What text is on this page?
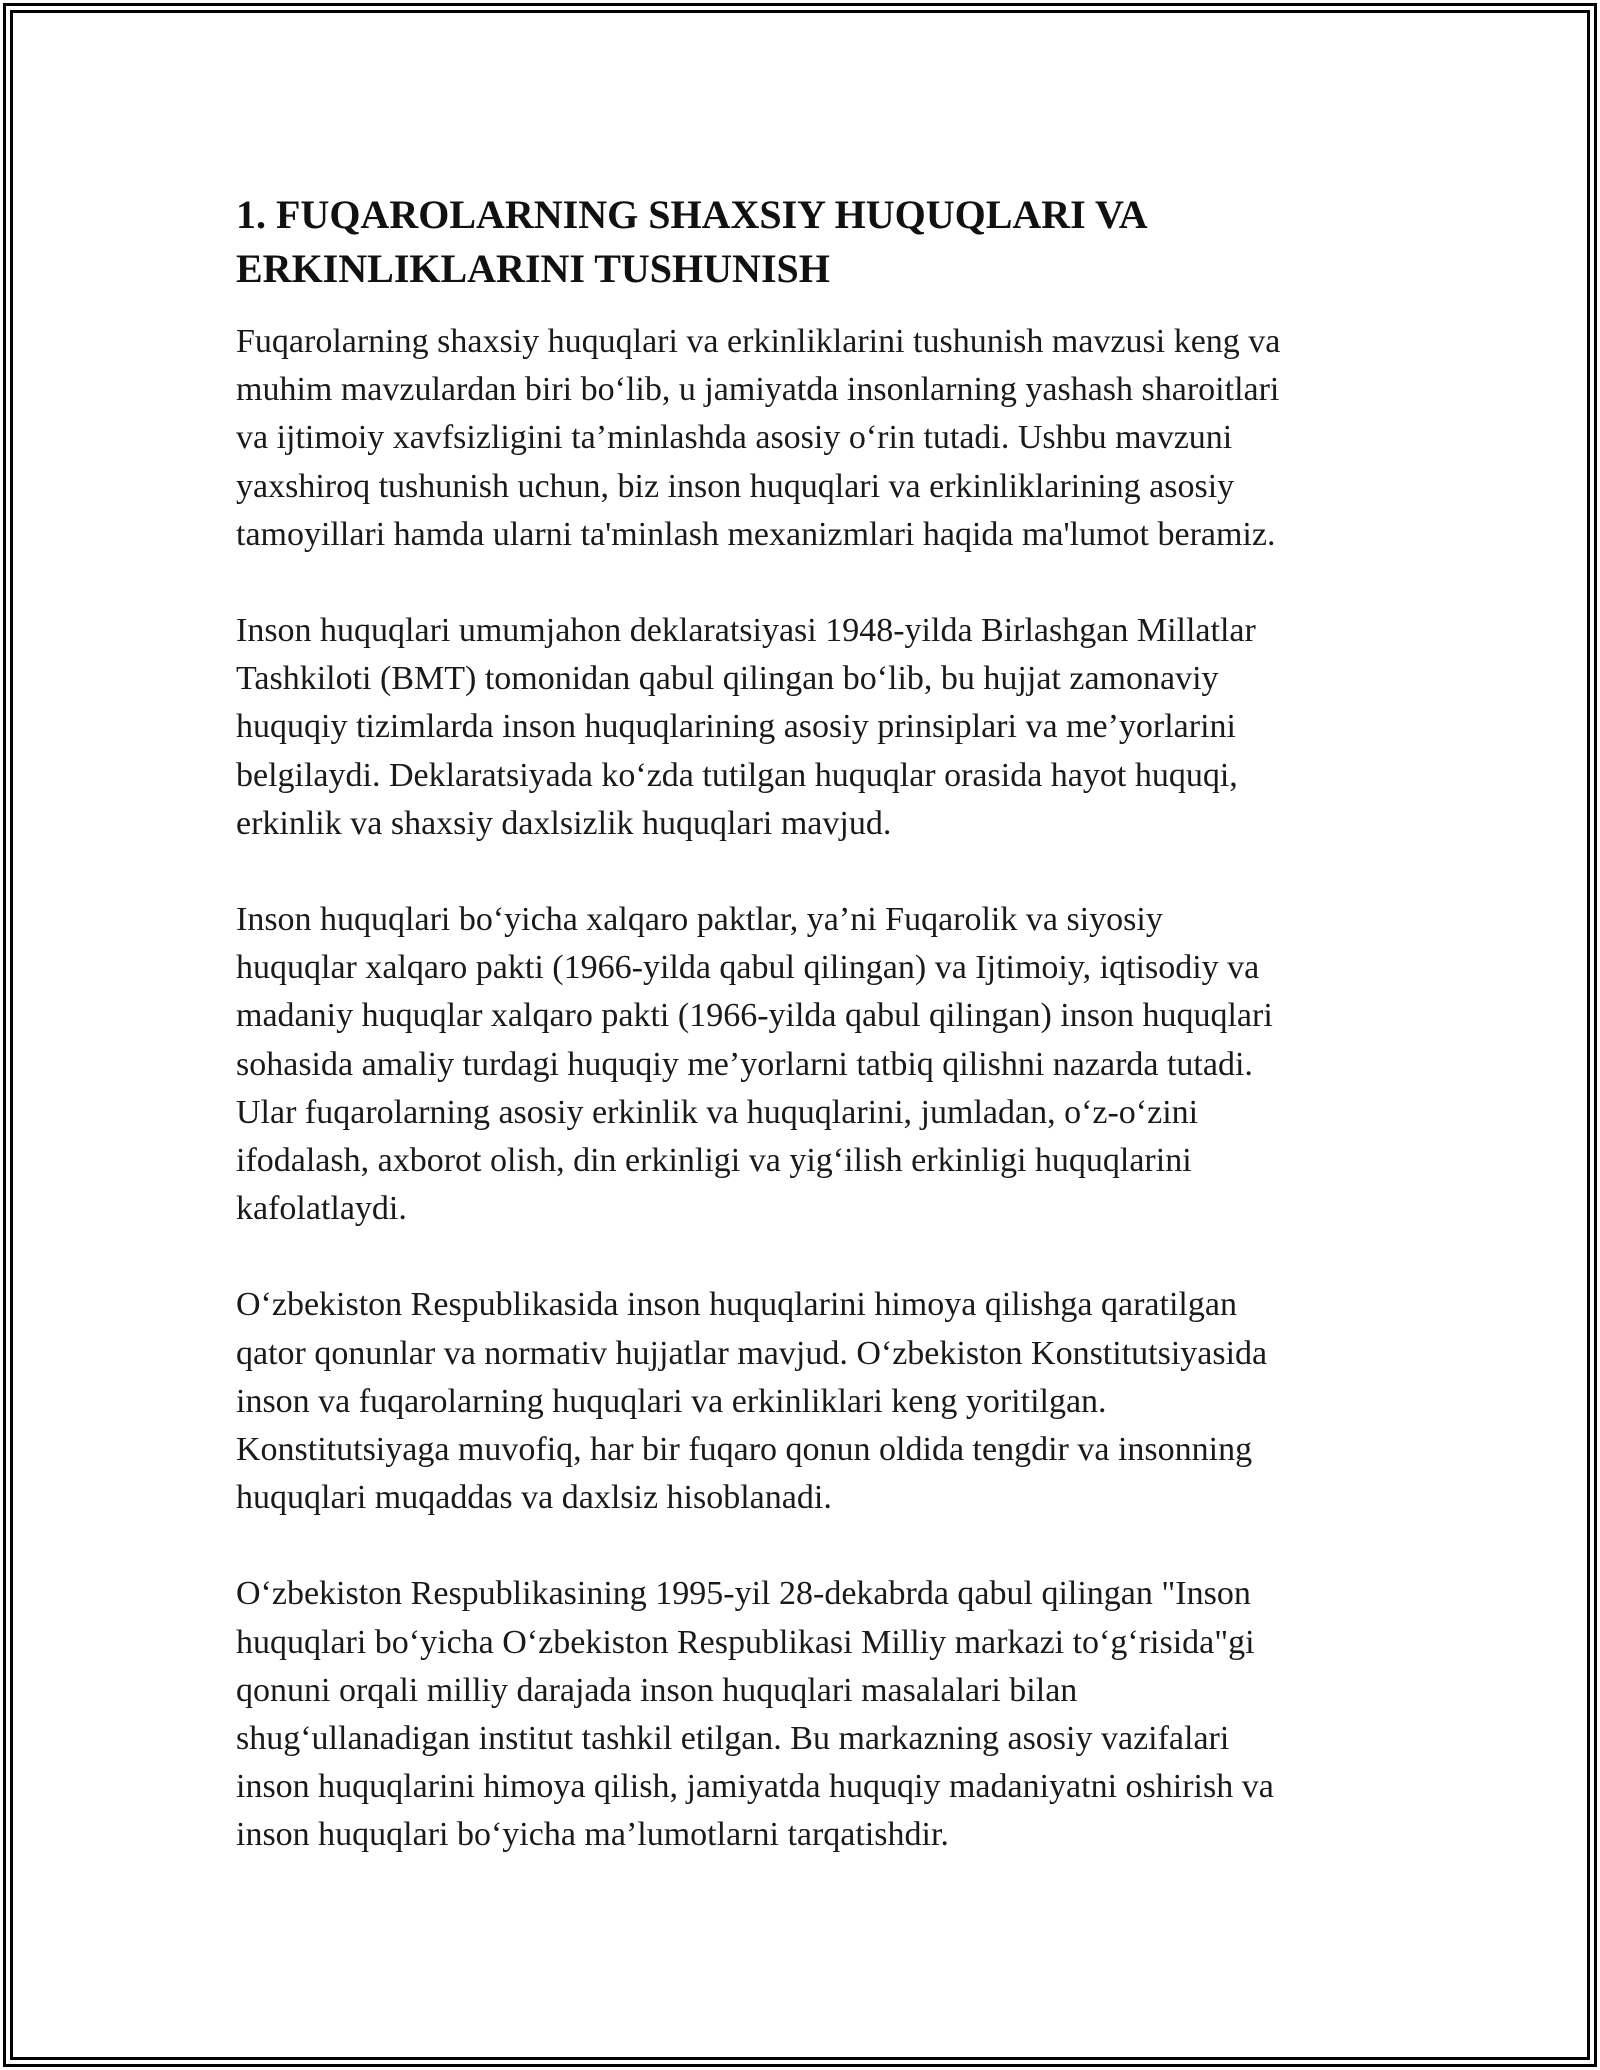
1. FUQAROLARNING SHAXSIY HUQUQLARI VA
ERKINLIKLARINI TUSHUNISH

Fuqarolarning shaxsiy huquqlari va erkinliklarini tushunish mavzusi keng va
muhim mavzulardan biri bo‘lib, u jamiyatda insonlarning yashash sharoitlari
va ijtimoiy xavfsizligini ta’minlashda asosiy o‘rin tutadi. Ushbu mavzuni
yaxshiroq tushunish uchun, biz inson huquqlari va erkinliklarining asosiy
tamoyillari hamda ularni ta'minlash mexanizmlari haqida ma'lumot beramiz.

Inson huquqlari umumjahon deklaratsiyasi 1948-yilda Birlashgan Millatlar
Tashkiloti (BMT) tomonidan qabul qilingan bo‘lib, bu hujjat zamonaviy
huquqiy tizimlarda inson huquqlarining asosiy prinsiplari va me’yorlarini
belgilaydi. Deklaratsiyada ko‘zda tutilgan huquqlar orasida hayot huquqi,
erkinlik va shaxsiy daxlsizlik huquqlari mavjud.

Inson huquqlari bo‘yicha xalqaro paktlar, ya’ni Fuqarolik va siyosiy
huquqlar xalqaro pakti (1966-yilda qabul qilingan) va Ijtimoiy, iqtisodiy va
madaniy huquqlar xalqaro pakti (1966-yilda qabul qilingan) inson huquqlari
sohasida amaliy turdagi huquqiy me’yorlarni tatbiq qilishni nazarda tutadi.
Ular fuqarolarning asosiy erkinlik va huquqlarini, jumladan, o‘z-o‘zini
ifodalash, axborot olish, din erkinligi va yig‘ilish erkinligi huquqlarini
kafolatlaydi.

O‘zbekiston Respublikasida inson huquqlarini himoya qilishga qaratilgan
qator qonunlar va normativ hujjatlar mavjud. O‘zbekiston Konstitutsiyasida
inson va fuqarolarning huquqlari va erkinliklari keng yoritilgan.
Konstitutsiyaga muvofiq, har bir fuqaro qonun oldida tengdir va insonning
huquqlari muqaddas va daxlsiz hisoblanadi.

O‘zbekiston Respublikasining 1995-yil 28-dekabrda qabul qilingan "Inson
huquqlari bo‘yicha O‘zbekiston Respublikasi Milliy markazi to‘g‘risida"gi
qonuni orqali milliy darajada inson huquqlari masalalari bilan
shug‘ullanadigan institut tashkil etilgan. Bu markazning asosiy vazifalari
inson huquqlarini himoya qilish, jamiyatda huquqiy madaniyatni oshirish va
inson huquqlari bo‘yicha ma’lumotlarni tarqatishdir.
